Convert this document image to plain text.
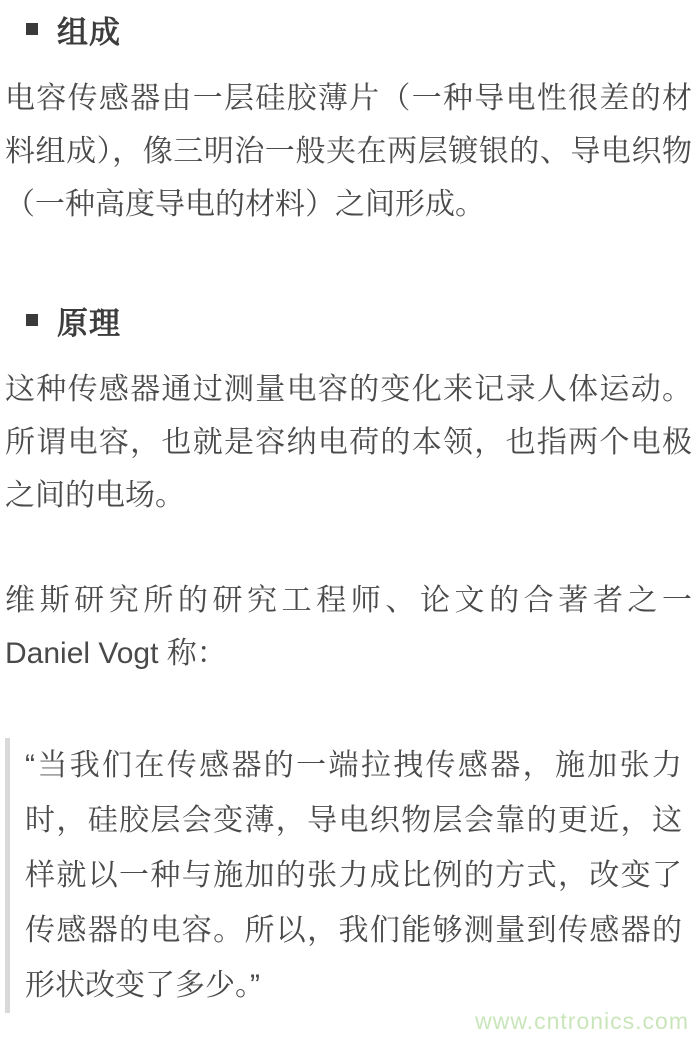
组成

电容传感器由一层硅胶薄片（一种导电性很差的材料组成），像三明治一般夹在两层镀银的、导电织物（一种高度导电的材料）之间形成。

原理

这种传感器通过测量电容的变化来记录人体运动。所谓电容，也就是容纳电荷的本领，也指两个电极之间的电场。

维斯研究所的研究工程师、论文的合著者之一 Daniel Vogt 称：

“当我们在传感器的一端拉拽传感器，施加张力时，硅胶层会变薄，导电织物层会靠的更近，这样就以一种与施加的张力成比例的方式，改变了传感器的电容。所以，我们能够测量到传感器的形状改变了多少。”
www.cntronics.com
